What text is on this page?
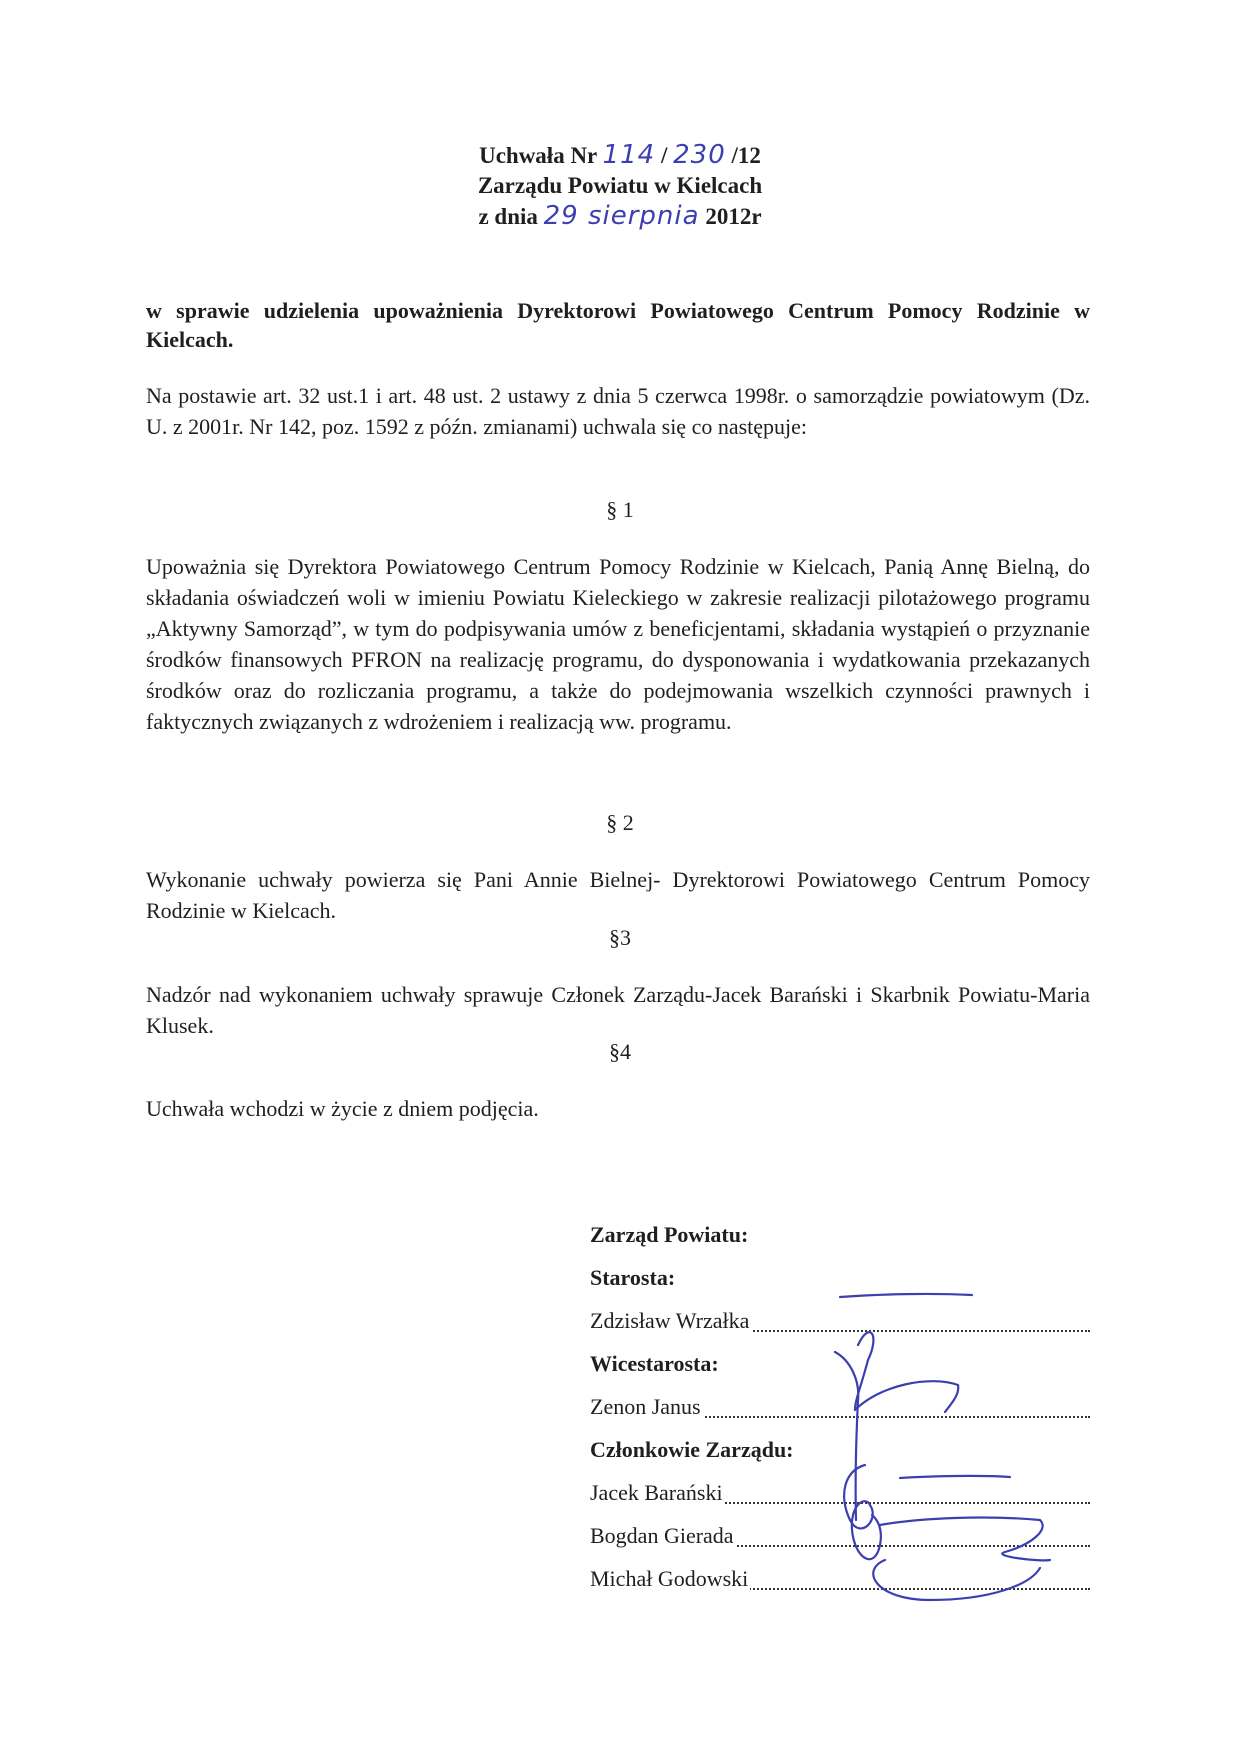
Uchwała Nr 114 / 230 /12
Zarządu Powiatu w Kielcach
z dnia 29 sierpnia 2012r
w sprawie udzielenia upoważnienia Dyrektorowi Powiatowego Centrum Pomocy Rodzinie w Kielcach.
Na postawie art. 32 ust.1 i art. 48 ust. 2 ustawy z dnia 5 czerwca 1998r. o samorządzie powiatowym (Dz. U. z 2001r. Nr 142, poz. 1592 z późn. zmianami) uchwala się co następuje:
§ 1
Upoważnia się Dyrektora Powiatowego Centrum Pomocy Rodzinie w Kielcach, Panią Annę Bielną, do składania oświadczeń woli w imieniu Powiatu Kieleckiego w zakresie realizacji pilotażowego programu „Aktywny Samorząd”, w tym do podpisywania umów z beneficjentami, składania wystąpień o przyznanie środków finansowych PFRON na realizację programu, do dysponowania i wydatkowania przekazanych środków oraz do rozliczania programu, a także do podejmowania wszelkich czynności prawnych i faktycznych związanych z wdrożeniem i realizacją ww. programu.
§ 2
Wykonanie uchwały powierza się Pani Annie Bielnej- Dyrektorowi Powiatowego Centrum Pomocy Rodzinie w Kielcach.
§3
Nadzór nad wykonaniem uchwały sprawuje Członek Zarządu-Jacek Barański i Skarbnik Powiatu-Maria Klusek.
§4
Uchwała wchodzi w życie z dniem podjęcia.
Zarząd Powiatu:
Starosta:
Zdzisław Wrzałka
Wicestarosta:
Zenon Janus
Członkowie Zarządu:
Jacek Barański
Bogdan Gierada
Michał Godowski
